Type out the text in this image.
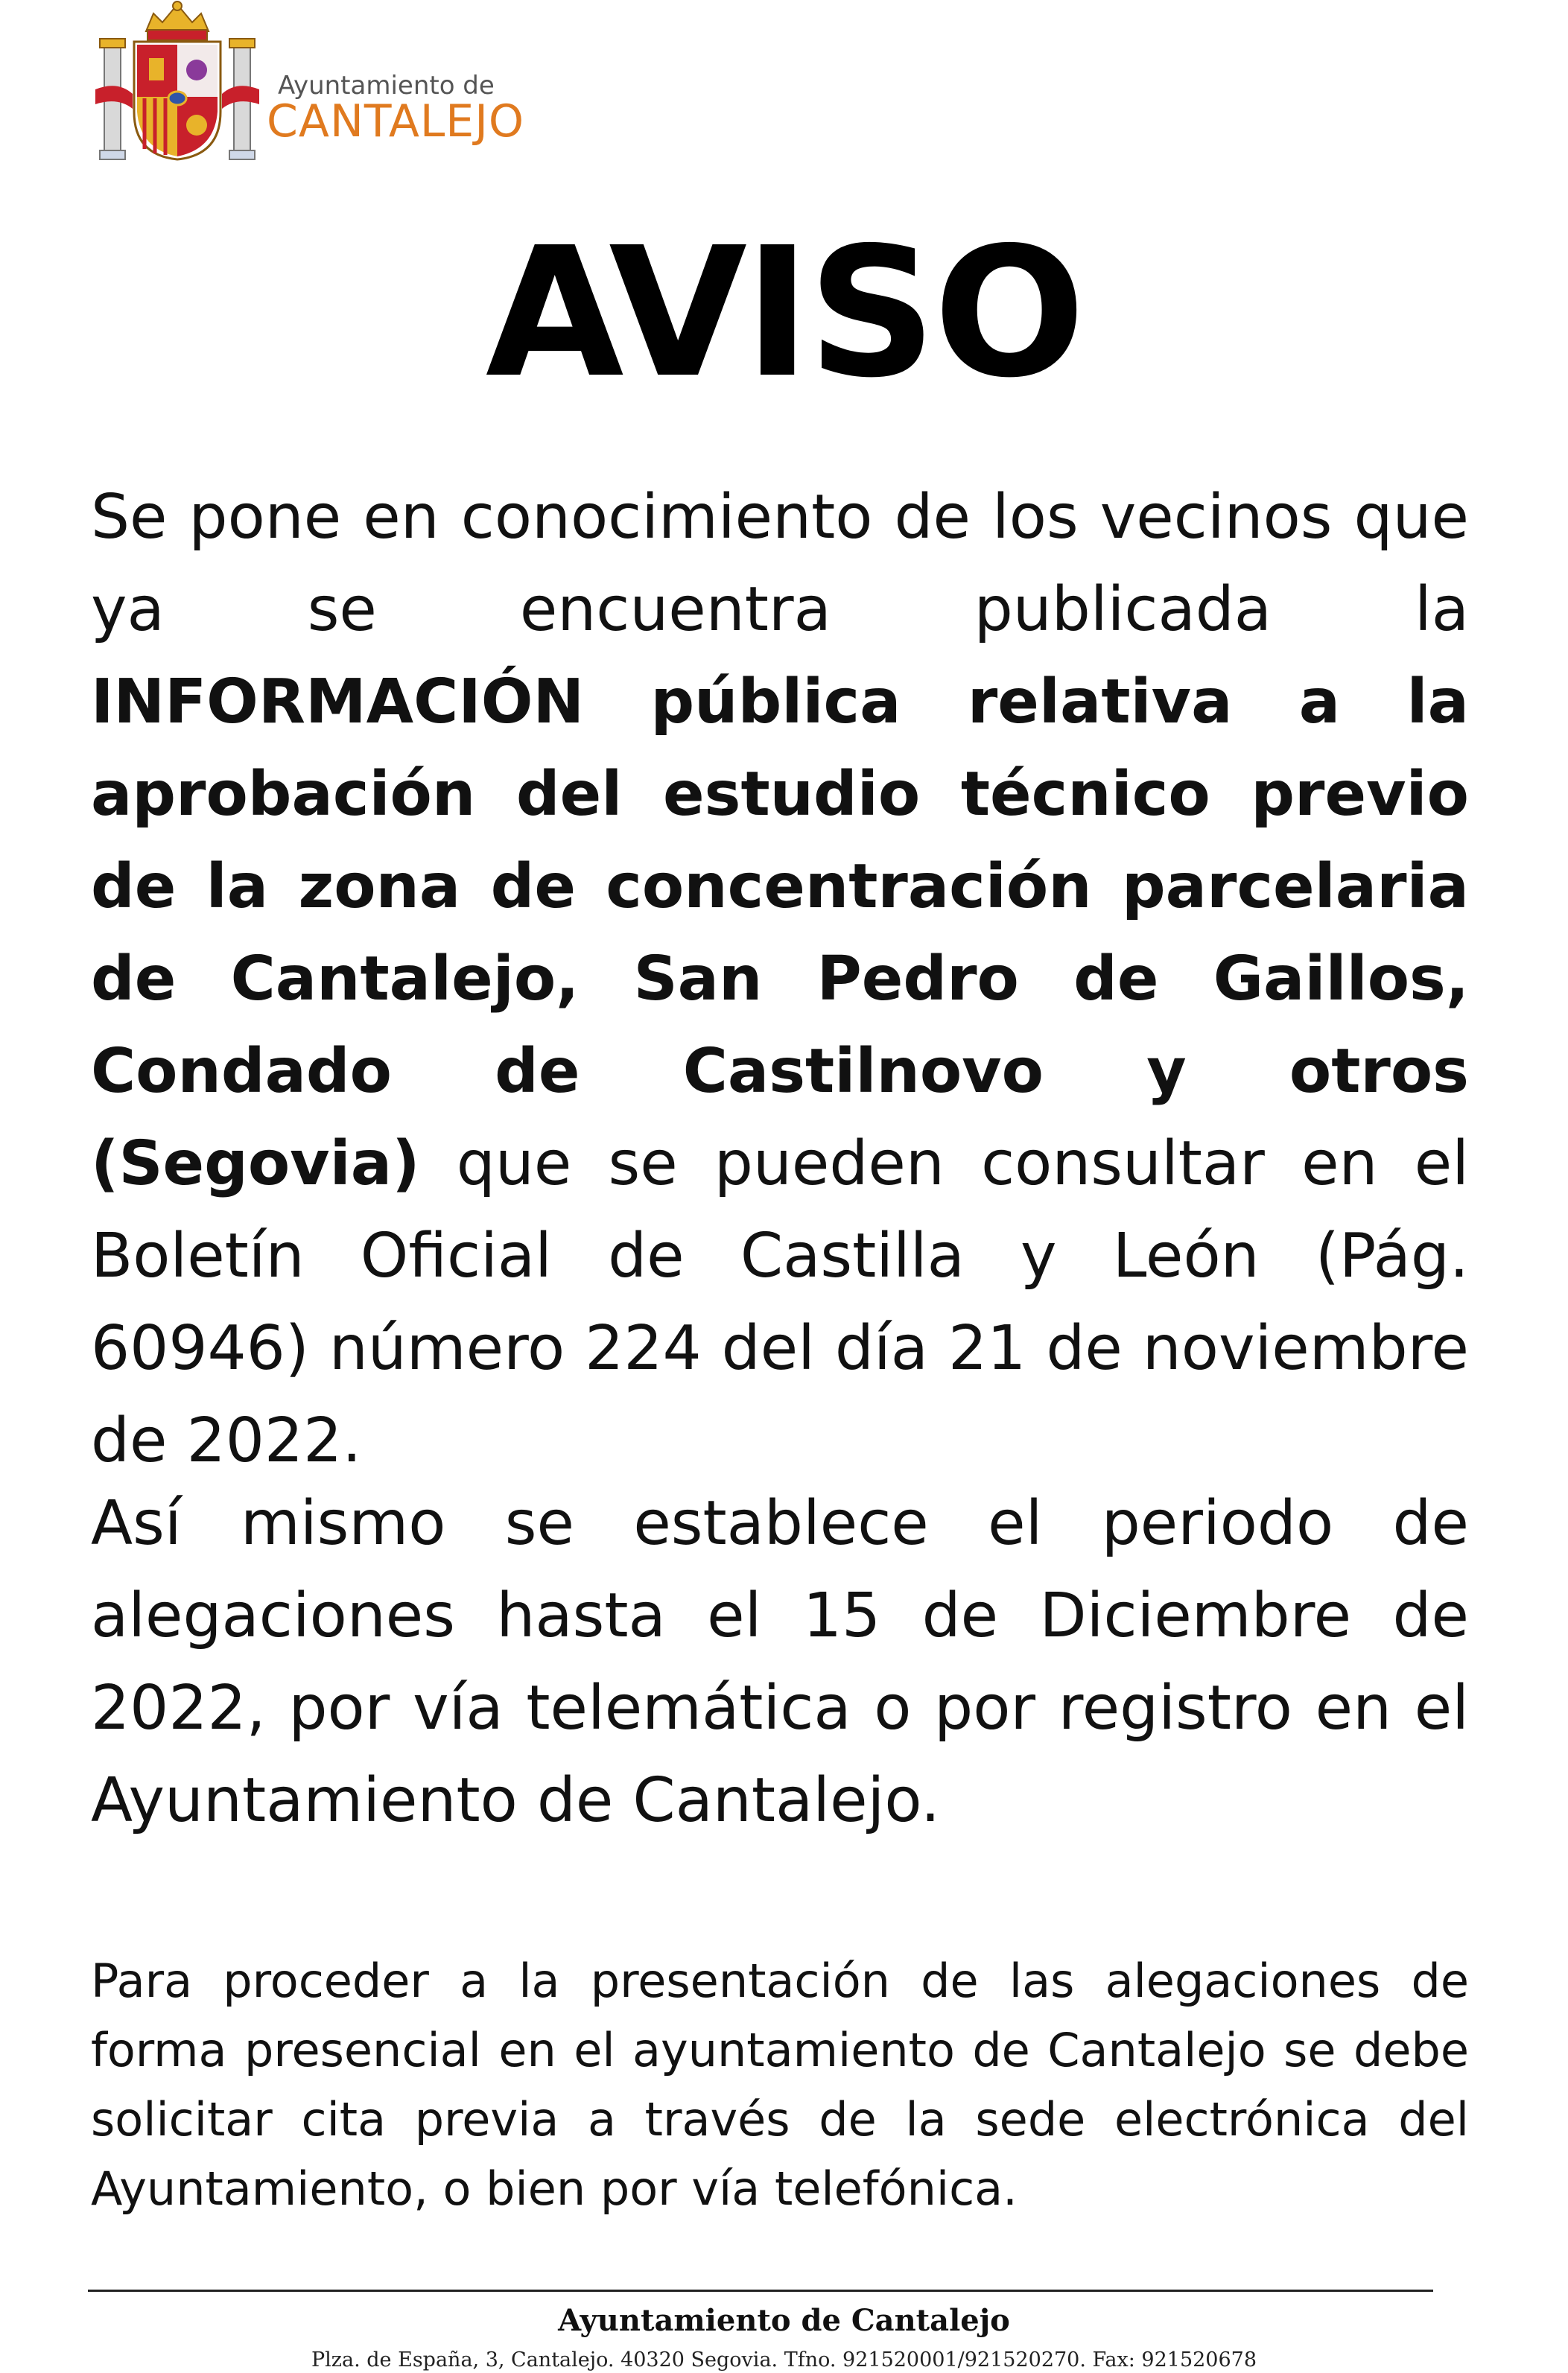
Ayuntamiento de
CANTALEJO
AVISO
Se pone en conocimiento de los vecinos que ya se encuentra publicada la INFORMACIÓN pública relativa a la aprobación del estudio técnico previo de la zona de concentración parcelaria de Cantalejo, San Pedro de Gaillos, Condado de Castilnovo y otros (Segovia) que se pueden consultar en el Boletín Oficial de Castilla y León (Pág. 60946) número 224 del día 21 de noviembre de 2022.
Así mismo se establece el periodo de alegaciones hasta el 15 de Diciembre de 2022, por vía telemática o por registro en el Ayuntamiento de Cantalejo.
Para proceder a la presentación de las alegaciones de forma presencial en el ayuntamiento de Cantalejo se debe solicitar cita previa a través de la sede electrónica del Ayuntamiento, o bien por vía telefónica.
Ayuntamiento de Cantalejo
Plza. de España, 3, Cantalejo. 40320 Segovia. Tfno. 921520001/921520270. Fax: 921520678
